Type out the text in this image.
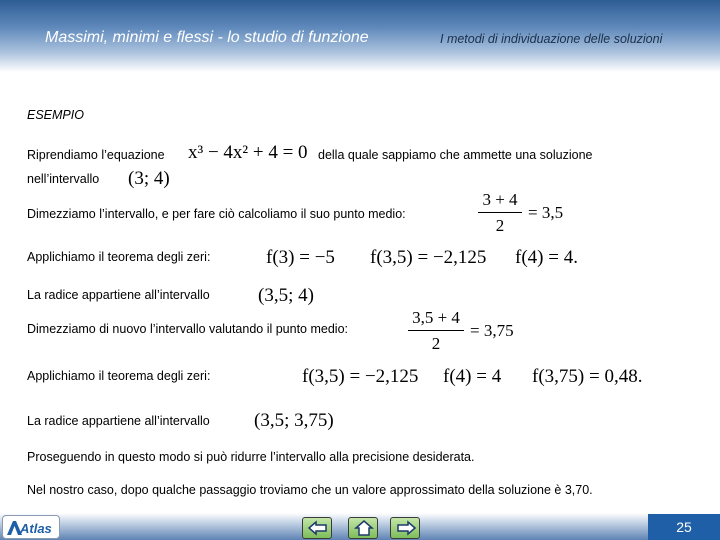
Massimi, minimi e flessi - lo studio di funzione	I metodi di individuazione delle soluzioni
ESEMPIO
Riprendiamo l’equazione x³ − 4x² + 4 = 0 della quale sappiamo che ammette una soluzione
nell’intervallo (3; 4)
Dimezziamo l’intervallo, e per fare ciò calcoliamo il suo punto medio:
3 + 4
2
= 3,5
Applichiamo il teorema degli zeri:	f(3) = −5 f(3,5) = −2,125 f(4) = 4.
La radice appartiene all’intervallo	(3,5; 4)
Dimezziamo di nuovo l’intervallo valutando il punto medio:
3,5 + 4
2
= 3,75
Applichiamo il teorema degli zeri:	f(3,5) = −2,125 f(4) = 4 f(3,75) = 0,48.
La radice appartiene all’intervallo (3,5; 3,75)
Proseguendo in questo modo si può ridurre l’intervallo alla precisione desiderata.
Nel nostro caso, dopo qualche passaggio troviamo che un valore approssimato della soluzione è 3,70.
Atlas	25
